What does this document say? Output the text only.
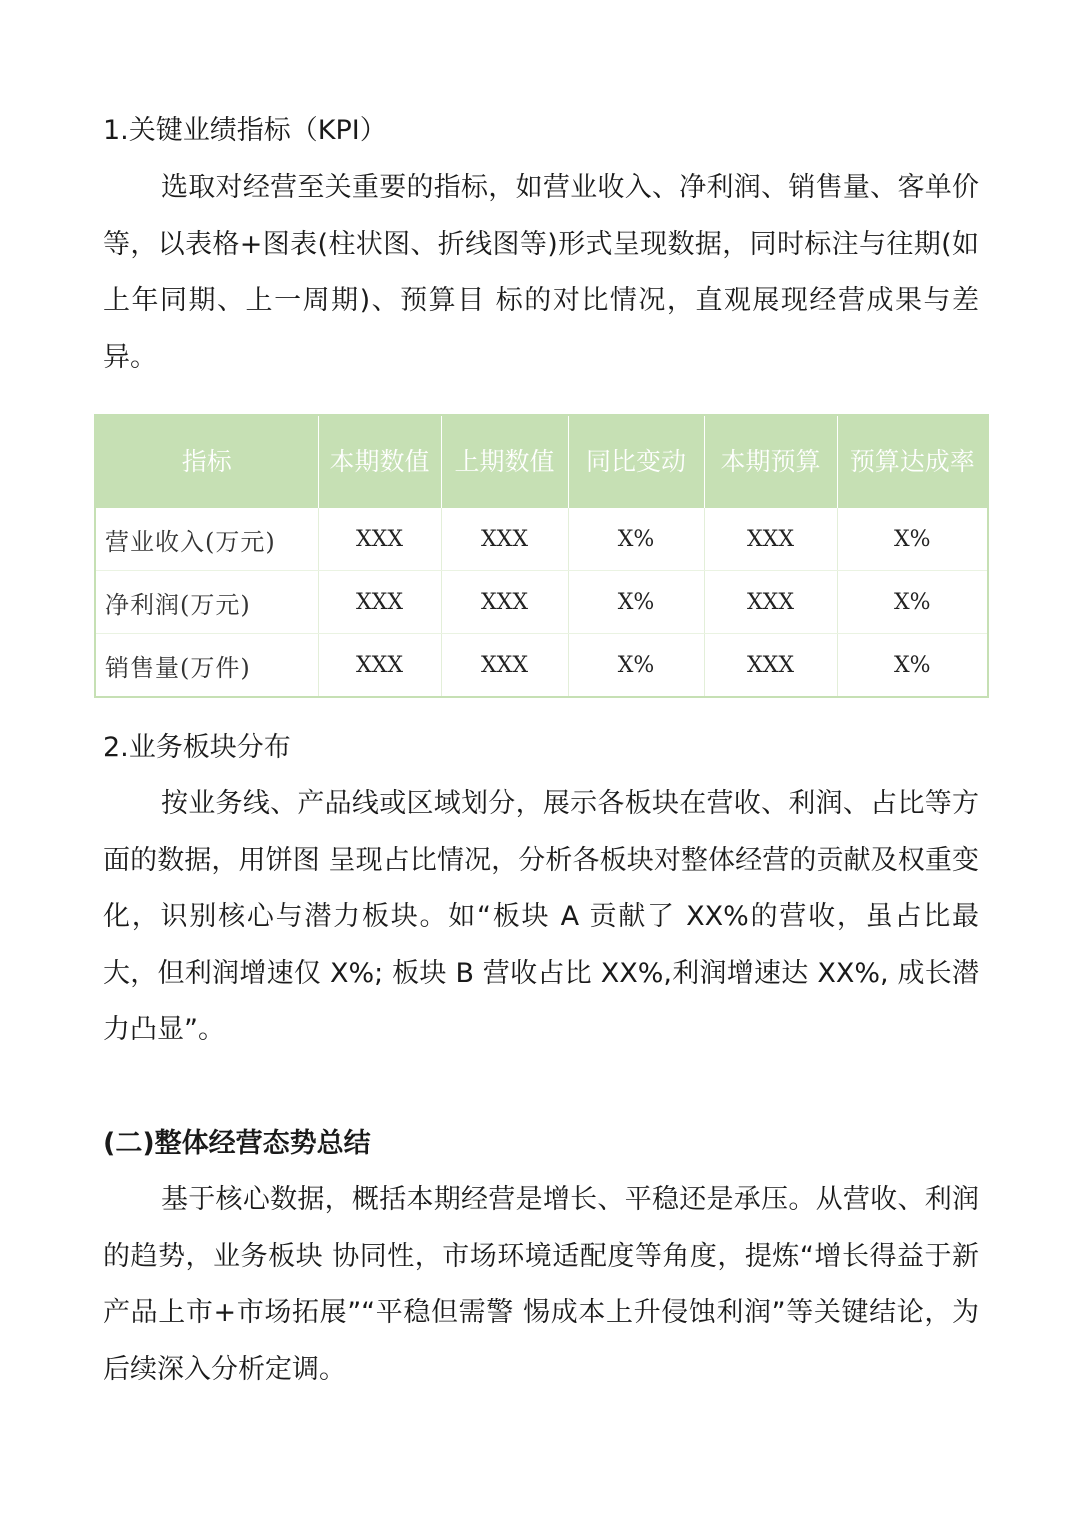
1.关键业绩指标（KPI）

选取对经营至关重要的指标，如营业收入、净利润、销售量、客单价等，以表格+图表(柱状图、折线图等)形式呈现数据，同时标注与往期(如上年同期、上一周期)、预算目 标的对比情况，直观展现经营成果与差异。

指标	本期数值	上期数值	同比变动	本期预算	预算达成率
营业收入(万元)	XXX	XXX	X%	XXX	X%
净利润(万元)	XXX	XXX	X%	XXX	X%
销售量(万件)	XXX	XXX	X%	XXX	X%
2.业务板块分布

按业务线、产品线或区域划分，展示各板块在营收、利润、占比等方面的数据，用饼图 呈现占比情况，分析各板块对整体经营的贡献及权重变化，识别核心与潜力板块。如“板块 A 贡献了 XX%的营收，虽占比最大，但利润增速仅 X%; 板块 B 营收占比 XX%,利润增速达 XX%, 成长潜力凸显”。

(二)整体经营态势总结

基于核心数据，概括本期经营是增长、平稳还是承压。从营收、利润的趋势，业务板块 协同性，市场环境适配度等角度，提炼“增长得益于新产品上市+市场拓展”“平稳但需警 惕成本上升侵蚀利润”等关键结论，为后续深入分析定调。
